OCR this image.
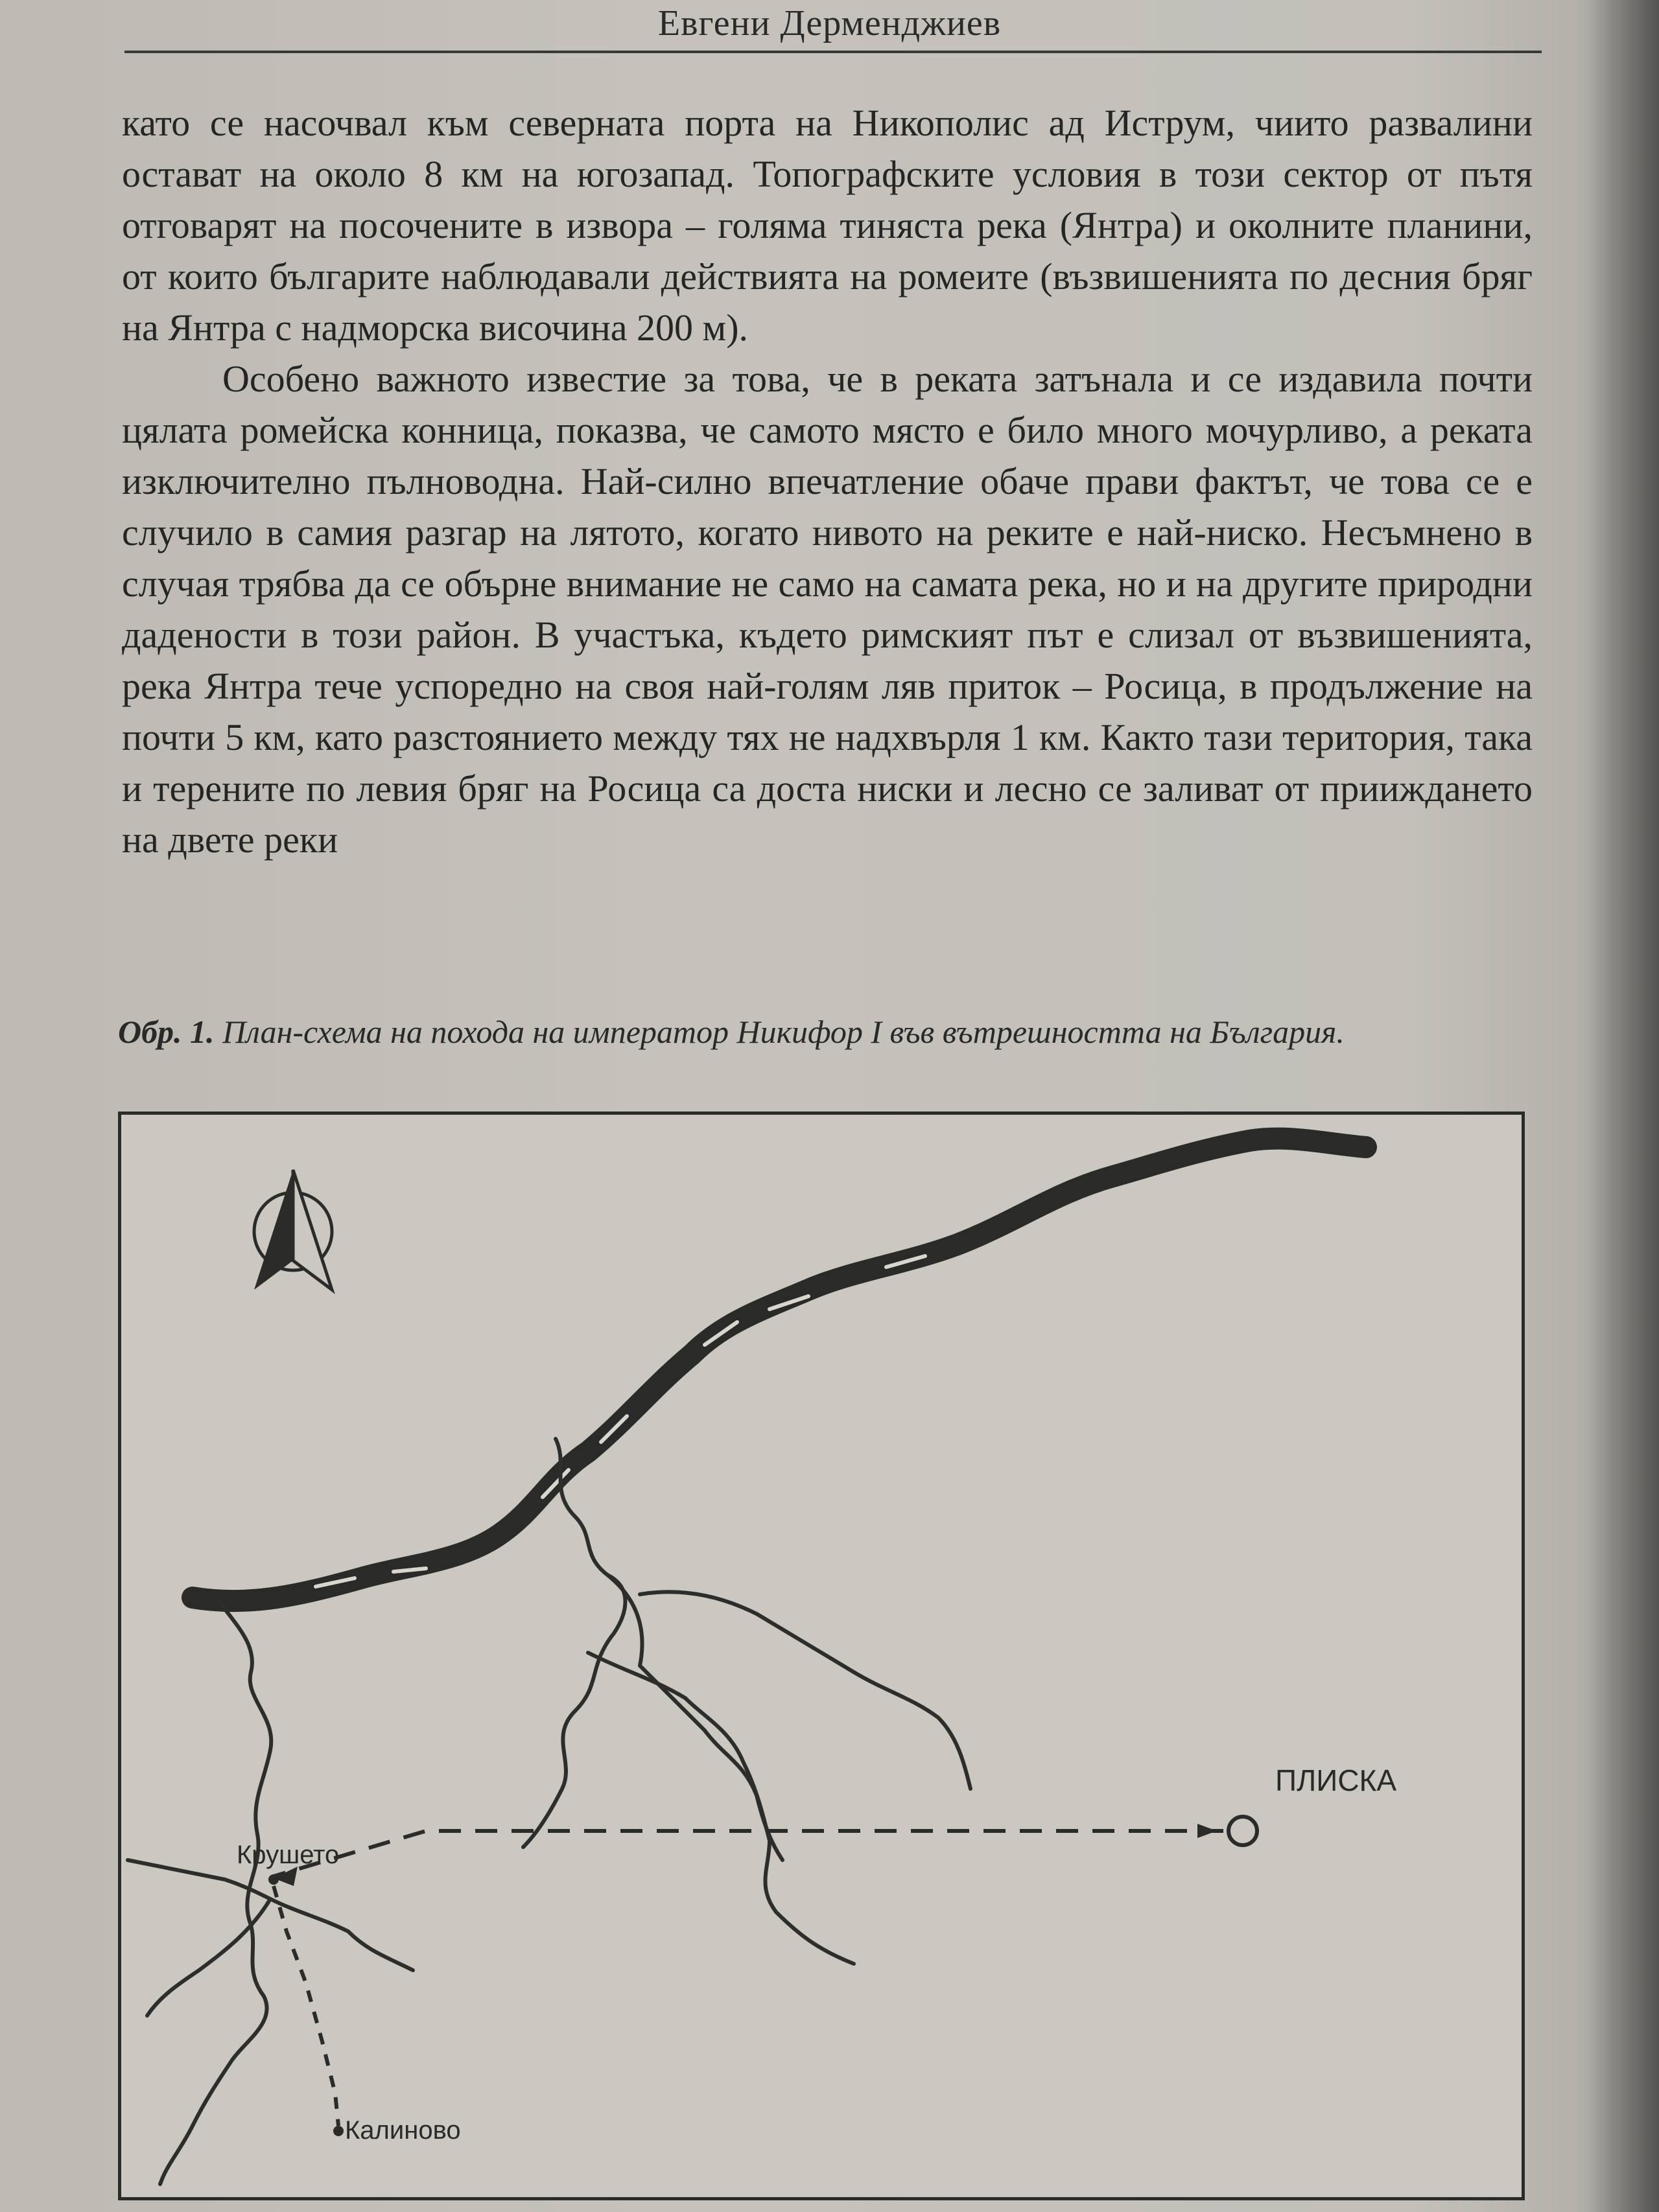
Евгени Дерменджиев

като се насочвал към северната порта на Никополис ад Иструм, чиито развалини остават на около 8 км на югозапад. Топографските условия в този сектор от пътя отговарят на посочените в извора – голяма тиняста река (Янтра) и околните планини, от които българите наблюдавали действията на ромеите (възвишенията по десния бряг на Янтра с надморска височина 200 м).

Особено важното известие за това, че в реката затънала и се издавила почти цялата ромейска конница, показва, че самото място е било много мочурливо, а реката изключително пълноводна. Най-силно впечатление обаче прави фактът, че това се е случило в самия разгар на лятото, когато нивото на реките е най-ниско. Несъмнено в случая трябва да се обърне внимание не само на самата река, но и на другите природни дадености в този район. В участъка, където римският път е слизал от възвишенията, река Янтра тече успоредно на своя най-голям ляв приток – Росица, в продължение на почти 5 км, като разстоянието между тях не надхвърля 1 км. Както тази територия, така и терените по левия бряг на Росица са доста ниски и лесно се заливат от прииждането на двете реки

Обр. 1. План-схема на похода на император Никифор I във вътрешността на България.
ПЛИСКА
Крушето
Калиново
